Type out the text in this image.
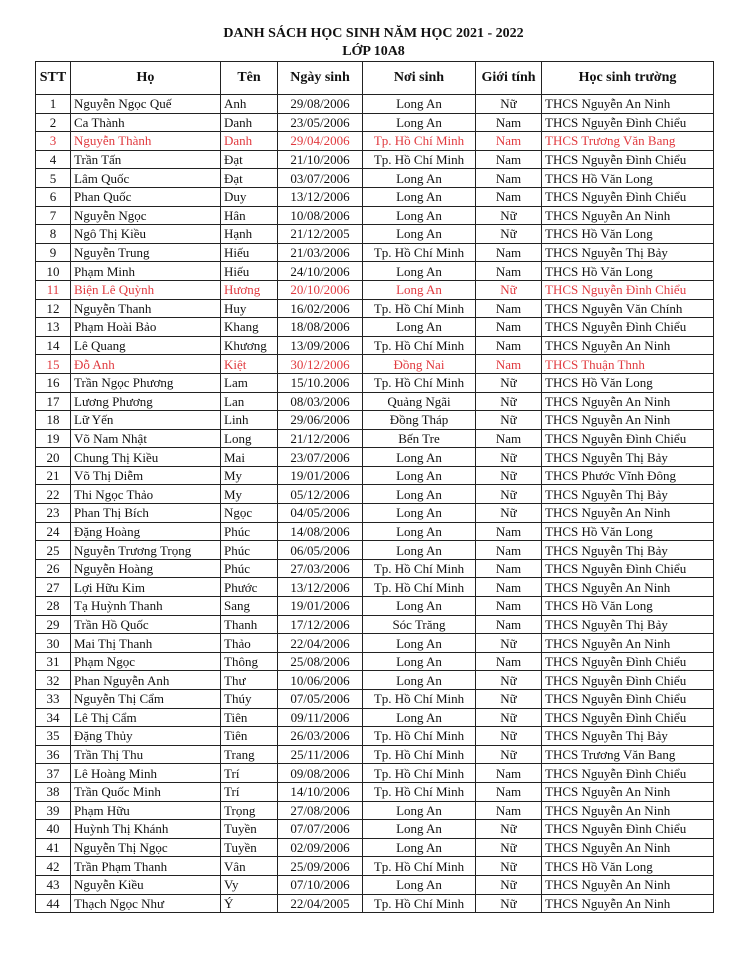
DANH SÁCH HỌC SINH NĂM HỌC 2021 - 2022
LỚP 10A8
STT	Họ	Tên	Ngày sinh	Nơi sinh	Giới tính	Học sinh trường
1	Nguyễn Ngọc Quế	Anh	29/08/2006	Long An	Nữ	THCS Nguyễn An Ninh
2	Ca Thành	Danh	23/05/2006	Long An	Nam	THCS Nguyễn Đình Chiểu
3	Nguyễn Thành	Danh	29/04/2006	Tp. Hồ Chí Minh	Nam	THCS Trương Văn Bang
4	Trần Tấn	Đạt	21/10/2006	Tp. Hồ Chí Minh	Nam	THCS Nguyễn Đình Chiểu
5	Lâm Quốc	Đạt	03/07/2006	Long An	Nam	THCS Hồ Văn Long
6	Phan Quốc	Duy	13/12/2006	Long An	Nam	THCS Nguyễn Đình Chiểu
7	Nguyễn Ngọc	Hân	10/08/2006	Long An	Nữ	THCS Nguyễn An Ninh
8	Ngô Thị Kiều	Hạnh	21/12/2005	Long An	Nữ	THCS Hồ Văn Long
9	Nguyễn Trung	Hiếu	21/03/2006	Tp. Hồ Chí Minh	Nam	THCS Nguyễn Thị Bảy
10	Phạm Minh	Hiếu	24/10/2006	Long An	Nam	THCS Hồ Văn Long
11	Biện Lê Quỳnh	Hương	20/10/2006	Long An	Nữ	THCS Nguyễn Đình Chiểu
12	Nguyễn Thanh	Huy	16/02/2006	Tp. Hồ Chí Minh	Nam	THCS Nguyễn Văn Chính
13	Phạm Hoài Bảo	Khang	18/08/2006	Long An	Nam	THCS Nguyễn Đình Chiểu
14	Lê Quang	Khương	13/09/2006	Tp. Hồ Chí Minh	Nam	THCS Nguyễn An Ninh
15	Đỗ Anh	Kiệt	30/12/2006	Đồng Nai	Nam	THCS Thuận Thnh
16	Trần Ngọc Phương	Lam	15/10.2006	Tp. Hồ Chí Minh	Nữ	THCS Hồ Văn Long
17	Lương Phương	Lan	08/03/2006	Quảng Ngãi	Nữ	THCS Nguyễn An Ninh
18	Lữ Yến	Linh	29/06/2006	Đồng Tháp	Nữ	THCS Nguyễn An Ninh
19	Võ Nam Nhật	Long	21/12/2006	Bến Tre	Nam	THCS Nguyễn Đình Chiểu
20	Chung Thị Kiều	Mai	23/07/2006	Long An	Nữ	THCS Nguyễn Thị Bảy
21	Võ Thị Diễm	My	19/01/2006	Long An	Nữ	THCS Phước Vĩnh Đông
22	Thi Ngọc Thảo	My	05/12/2006	Long An	Nữ	THCS Nguyễn Thị Bảy
23	Phan Thị Bích	Ngọc	04/05/2006	Long An	Nữ	THCS Nguyễn An Ninh
24	Đặng Hoàng	Phúc	14/08/2006	Long An	Nam	THCS Hồ Văn Long
25	Nguyễn Trương Trọng	Phúc	06/05/2006	Long An	Nam	THCS Nguyễn Thị Bảy
26	Nguyễn Hoàng	Phúc	27/03/2006	Tp. Hồ Chí Minh	Nam	THCS Nguyễn Đình Chiểu
27	Lợi Hữu Kim	Phước	13/12/2006	Tp. Hồ Chí Minh	Nam	THCS Nguyễn An Ninh
28	Tạ Huỳnh Thanh	Sang	19/01/2006	Long An	Nam	THCS Hồ Văn Long
29	Trần Hồ Quốc	Thanh	17/12/2006	Sóc Trăng	Nam	THCS Nguyễn Thị Bảy
30	Mai Thị Thanh	Thảo	22/04/2006	Long An	Nữ	THCS Nguyễn An Ninh
31	Phạm Ngọc	Thông	25/08/2006	Long An	Nam	THCS Nguyễn Đình Chiểu
32	Phan Nguyễn Anh	Thư	10/06/2006	Long An	Nữ	THCS Nguyễn Đình Chiểu
33	Nguyễn Thị Cẩm	Thúy	07/05/2006	Tp. Hồ Chí Minh	Nữ	THCS Nguyễn Đình Chiểu
34	Lê Thị Cẩm	Tiên	09/11/2006	Long An	Nữ	THCS Nguyễn Đình Chiểu
35	Đặng Thủy	Tiên	26/03/2006	Tp. Hồ Chí Minh	Nữ	THCS Nguyễn Thị Bảy
36	Trần Thị Thu	Trang	25/11/2006	Tp. Hồ Chí Minh	Nữ	THCS Trương Văn Bang
37	Lê Hoàng Minh	Trí	09/08/2006	Tp. Hồ Chí Minh	Nam	THCS Nguyễn Đình Chiểu
38	Trần Quốc Minh	Trí	14/10/2006	Tp. Hồ Chí Minh	Nam	THCS Nguyễn An Ninh
39	Phạm Hữu	Trọng	27/08/2006	Long An	Nam	THCS Nguyễn An Ninh
40	Huỳnh Thị Khánh	Tuyền	07/07/2006	Long An	Nữ	THCS Nguyễn Đình Chiểu
41	Nguyễn Thị Ngọc	Tuyền	02/09/2006	Long An	Nữ	THCS Nguyễn An Ninh
42	Trần Phạm Thanh	Vân	25/09/2006	Tp. Hồ Chí Minh	Nữ	THCS Hồ Văn Long
43	Nguyễn Kiều	Vy	07/10/2006	Long An	Nữ	THCS Nguyễn An Ninh
44	Thạch Ngọc Như	Ý	22/04/2005	Tp. Hồ Chí Minh	Nữ	THCS Nguyễn An Ninh
